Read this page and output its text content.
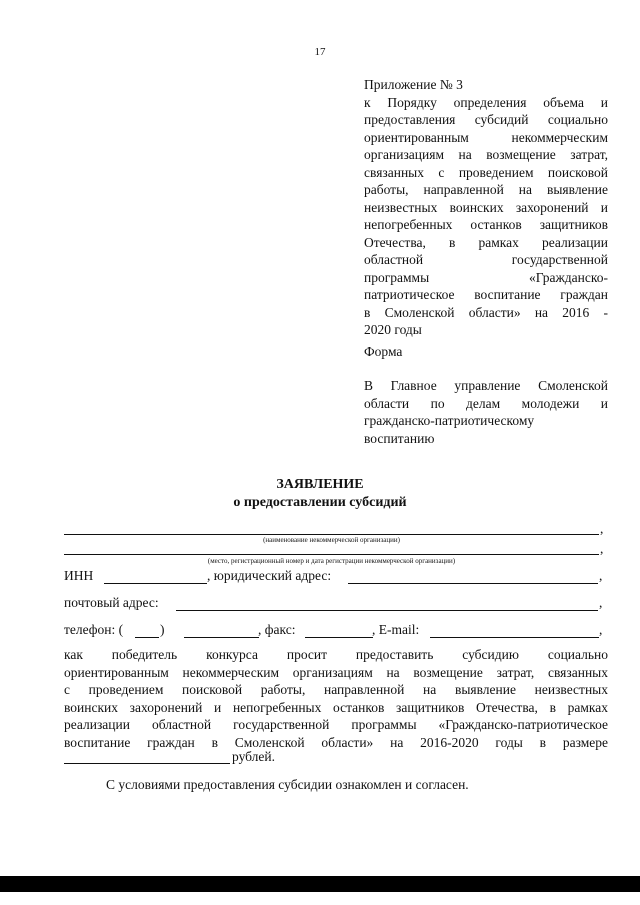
17
Приложение № 3
к Порядку определения объема и
предоставления субсидий социально
ориентированным некоммерческим
организациям на возмещение затрат,
связанных с проведением поисковой
работы, направленной на выявление
неизвестных воинских захоронений и
непогребенных останков защитников
Отечества, в рамках реализации
областной государственной
программы «Гражданско-
патриотическое воспитание граждан
в Смоленской области» на 2016 -
2020 годы
Форма
В Главное управление Смоленской
области по делам молодежи и
гражданско-патриотическому
воспитанию
ЗАЯВЛЕНИЕ
о предоставлении субсидий
,
(наименование некоммерческой организации)
,
(место, регистрационный номер и дата регистрации некоммерческой организации)
ИНН	, юридический адрес:	,
почтовый адрес:	,
телефон: (	)	, факс:	, E-mail:	,
как победитель конкурса просит предоставить субсидию социально
ориентированным некоммерческим организациям на возмещение затрат, связанных
с проведением поисковой работы, направленной на выявление неизвестных
воинских захоронений и непогребенных останков защитников Отечества, в рамках
реализации областной государственной программы «Гражданско-патриотическое
воспитание граждан в Смоленской области» на 2016-2020 годы в размере
рублей.
С условиями предоставления субсидии ознакомлен и согласен.
